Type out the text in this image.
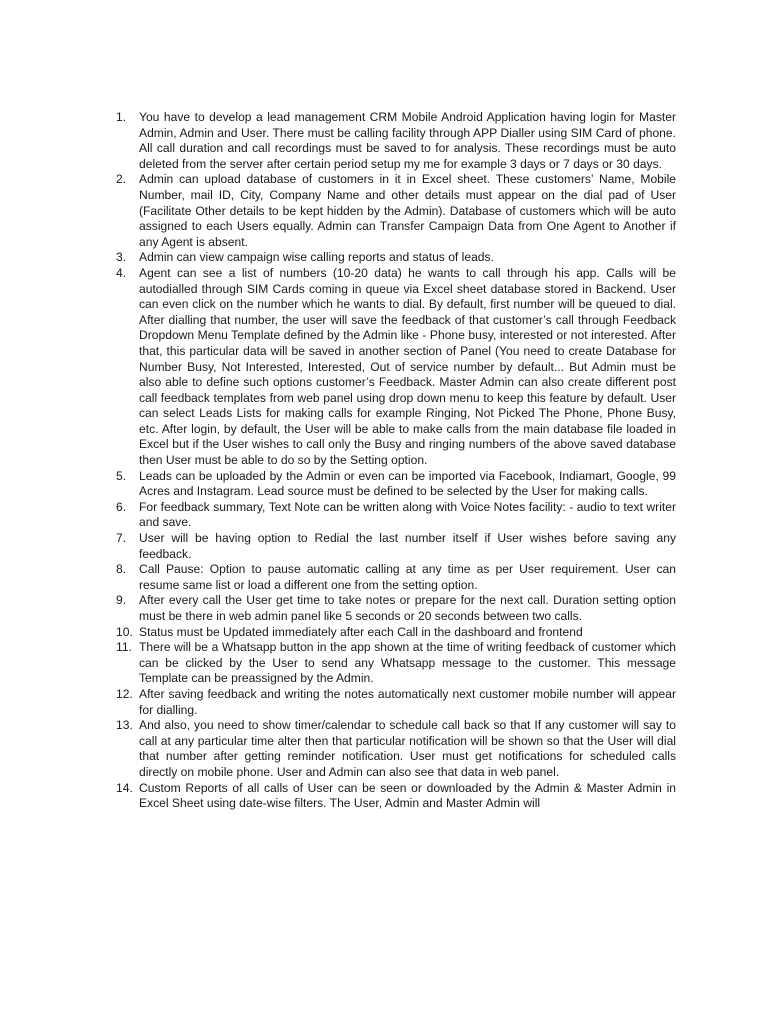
1.	You have to develop a lead management CRM Mobile Android Application having login for Master Admin, Admin and User. There must be calling facility through APP Dialler using SIM Card of phone. All call duration and call recordings must be saved to for analysis. These recordings must be auto deleted from the server after certain period setup my me for example 3 days or 7 days or 30 days.
2.	Admin can upload database of customers in it in Excel sheet. These customers’ Name, Mobile Number, mail ID, City, Company Name and other details must appear on the dial pad of User (Facilitate Other details to be kept hidden by the Admin). Database of customers which will be auto assigned to each Users equally. Admin can Transfer Campaign Data from One Agent to Another if any Agent is absent.
3.	Admin can view campaign wise calling reports and status of leads.
4.	Agent can see a list of numbers (10-20 data) he wants to call through his app. Calls will be autodialled through SIM Cards coming in queue via Excel sheet database stored in Backend. User can even click on the number which he wants to dial. By default, first number will be queued to dial. After dialling that number, the user will save the feedback of that customer’s call through Feedback Dropdown Menu Template defined by the Admin like - Phone busy, interested or not interested. After that, this particular data will be saved in another section of Panel (You need to create Database for Number Busy, Not Interested, Interested, Out of service number by default... But Admin must be also able to define such options customer’s Feedback. Master Admin can also create different post call feedback templates from web panel using drop down menu to keep this feature by default. User can select Leads Lists for making calls for example Ringing, Not Picked The Phone, Phone Busy, etc. After login, by default, the User will be able to make calls from the main database file loaded in Excel but if the User wishes to call only the Busy and ringing numbers of the above saved database then User must be able to do so by the Setting option.
5.	Leads can be uploaded by the Admin or even can be imported via Facebook, Indiamart, Google, 99 Acres and Instagram. Lead source must be defined to be selected by the User for making calls.
6.	For feedback summary, Text Note can be written along with Voice Notes facility: - audio to text writer and save.
7.	User will be having option to Redial the last number itself if User wishes before saving any feedback.
8.	Call Pause: Option to pause automatic calling at any time as per User requirement. User can resume same list or load a different one from the setting option.
9.	After every call the User get time to take notes or prepare for the next call. Duration setting option must be there in web admin panel like 5 seconds or 20 seconds between two calls.
10. Status must be Updated immediately after each Call in the dashboard and frontend
11. There will be a Whatsapp button in the app shown at the time of writing feedback of customer which can be clicked by the User to send any Whatsapp message to the customer. This message Template can be preassigned by the Admin.
12. After saving feedback and writing the notes automatically next customer mobile number will appear for dialling.
13. And also, you need to show timer/calendar to schedule call back so that If any customer will say to call at any particular time alter then that particular notification will be shown so that the User will dial that number after getting reminder notification. User must get notifications for scheduled calls directly on mobile phone. User and Admin can also see that data in web panel.
14. Custom Reports of all calls of User can be seen or downloaded by the Admin & Master Admin in Excel Sheet using date-wise filters. The User, Admin and Master Admin will
